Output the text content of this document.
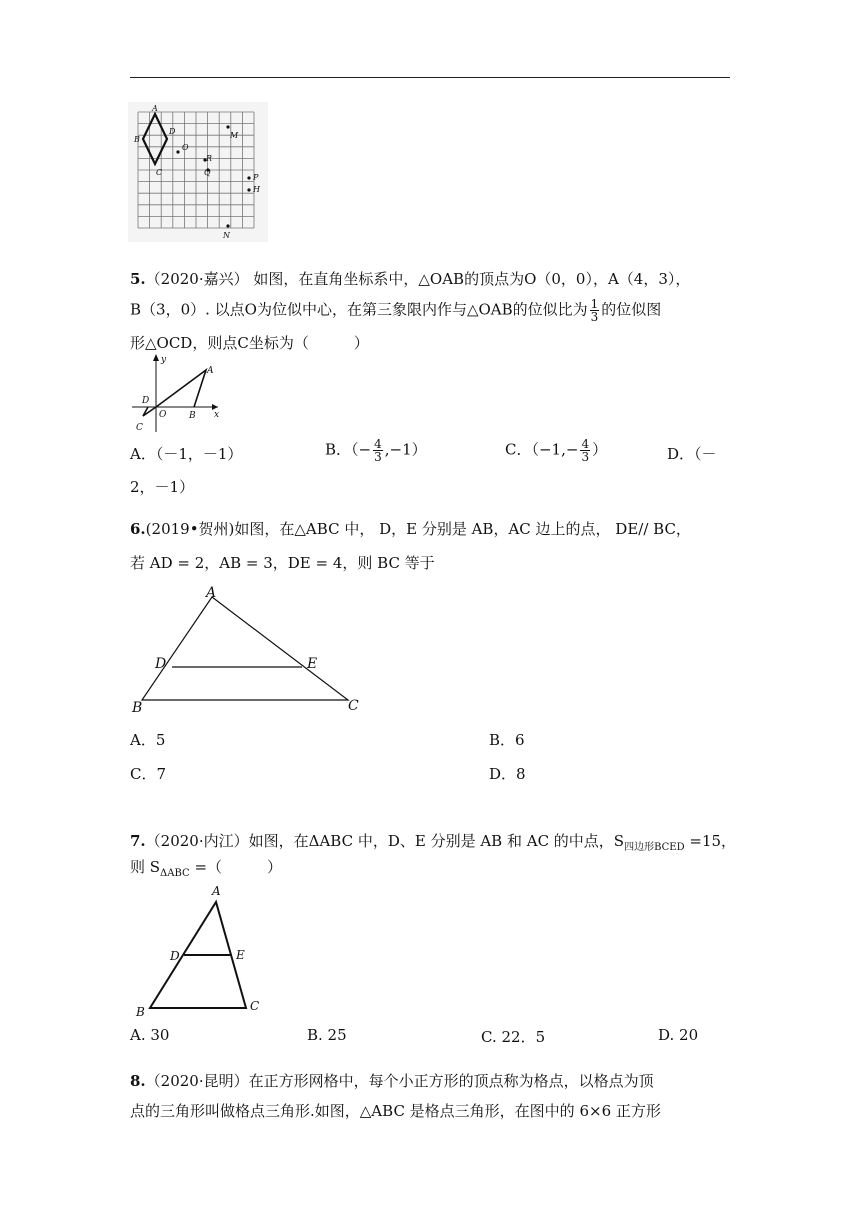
A
B
C
D
O
R
Q
M
P
H
N
5.（2020·嘉兴） 如图，在直角坐标系中，△OAB的顶点为O（0，0），A（4，3），
B（3，0）. 以点O为位似中心，在第三象限内作与△OAB的位似比为 $\frac{1}{3}$ 的位似图
形△OCD，则点C坐标为（　　　）
y
A
D
O	B x
C
A．（－1，－1）	B．（− $\frac{4}{3} ,-1$）	C．（$-1,- \frac{4}{3}$ ）	D．（－
2，－1）
6.(2019•贺州)如图，在△ABC 中， D，E 分别是 AB，AC 边上的点， DE// BC，
若 AD = 2，AB = 3，DE = 4，则 BC 等于
A
D	E
B	C
A．5	B．6
C．7	D．8
7.（2020·内江）如图，在ΔABC 中，D、E 分别是 AB 和 AC 的中点，$S_{四边形BCED} =15$，
则 $S_{\Delta ABC}$ =（　　　）
A
D	E
B	C
A. 30	B. 25	C. 22．5	D. 20
8.（2020·昆明）在正方形网格中，每个小正方形的顶点称为格点，以格点为顶
点的三角形叫做格点三角形.如图，△ABC 是格点三角形，在图中的 6×6 正方形
